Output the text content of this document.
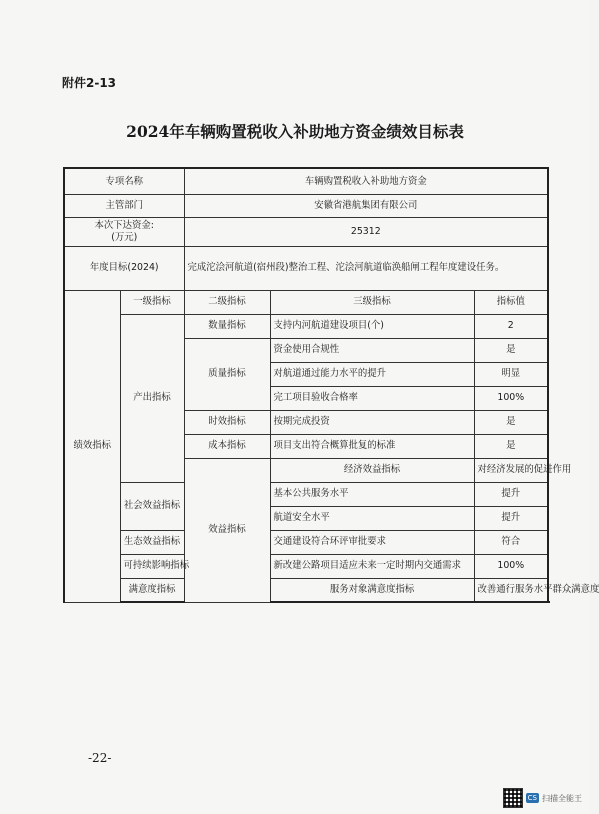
附件2-13
2024年车辆购置税收入补助地方资金绩效目标表
专项名称		车辆购置税收入补助地方资金			
主管部门		安徽省港航集团有限公司			

本次下达资金:
(万元)		25312			
年度目标(2024)		完成沱浍河航道(宿州段)整治工程、沱浍河航道临涣船闸工程年度建设任务。			
绩效指标	一级指标	二级指标	三级指标	指标值	
	产出指标	数量指标	支持内河航道建设项目(个)	2	
		质量指标	资金使用合规性	是	
			对航道通过能力水平的提升	明显	
			完工项目验收合格率	100%	
		时效指标	按期完成投资	是	
		成本指标	项目支出符合概算批复的标准	是	
		效益指标	经济效益指标	对经济发展的促进作用	
	社会效益指标		基本公共服务水平	提升	
			航道安全水平	提升	
	生态效益指标		交通建设符合环评审批要求	符合	
	可持续影响指标		新改建公路项目适应未来一定时期内交通需求	100%	
	满意度指标		服务对象满意度指标	改善通行服务水平群众满意度	
-22-
CS 扫描全能王
